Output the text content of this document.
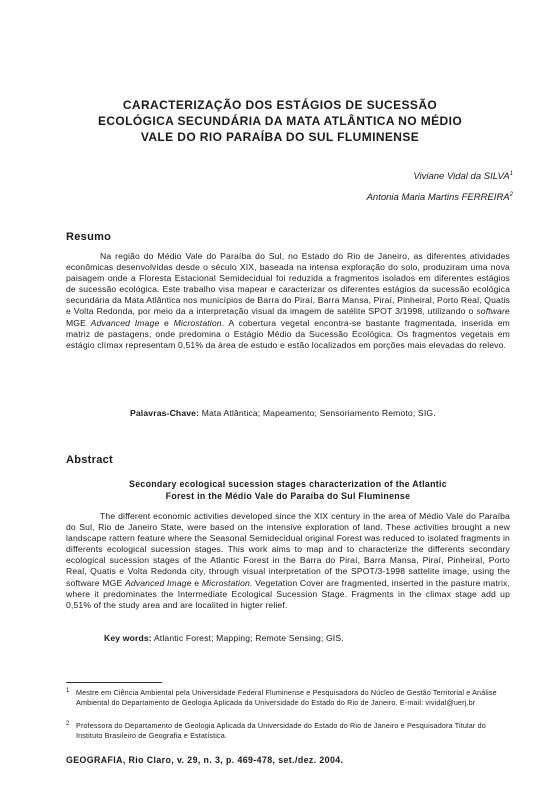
CARACTERIZAÇÃO DOS ESTÁGIOS DE SUCESSÃO
ECOLÓGICA SECUNDÁRIA DA MATA ATLÂNTICA NO MÉDIO
VALE DO RIO PARAÍBA DO SUL FLUMINENSE
Viviane Vidal da SILVA$^1$
Antonia Maria Martins FERREIRA$^2$
Resumo
Na região do Médio Vale do Paraíba do Sul, no Estado do Rio de Janeiro, as diferentes atividades econômicas desenvolvidas desde o século XIX, baseada na intensa exploração do solo, produziram uma nova paisagem onde a Floresta Estacional Semidecidual foi reduzida a fragmentos isolados em diferentes estágios de sucessão ecológica. Este trabalho visa mapear e caracterizar os diferentes estágios da sucessão ecológica secundária da Mata Atlântica nos municípios de Barra do Piraí, Barra Mansa, Piraí, Pinheiral, Porto Real, Quatis e Volta Redonda, por meio da a interpretação visual da imagem de satélite SPOT 3/1998, utilizando o software MGE Advanced Image e Microstation. A cobertura vegetal encontra-se bastante fragmentada, inserida em matriz de pastagens, onde predomina o Estágio Médio da Sucessão Ecológica. Os fragmentos vegetais em estágio clímax representam 0,51% da área de estudo e estão localizados em porções mais elevadas do relevo.
Palavras-Chave: Mata Atlântica; Mapeamento; Sensoriamento Remoto; SIG.
Abstract
Secondary ecological sucession stages characterization of the Atlantic
Forest in the Médio Vale do Paraíba do Sul Fluminense
The different economic activities developed since the XIX century in the area of Médio Vale do Paraíba do Sul, Rio de Janeiro State, were based on the intensive exploration of land. These activities brought a new landscape rattern feature where the Seasonal Semidecidual original Forest was reduced to isolated fragments in differents ecological sucession stages. This work aims to map and to characterize the differents secondary ecological sucession stages of the Atlantic Forest in the Barra do Piraí, Barra Mansa, Piraí, Pinheiral, Porto Real, Quatis e Volta Redonda city, through visual interpretation of the SPOT/3-1998 sattelite image, using the software MGE Advanced Image e Microstation. Vegetation Cover are fragmented, inserted in the pasture matrix, where it predominates the Intermediate Ecological Sucession Stage. Fragments in the climax stage add up 0,51% of the study area and are localited in higter relief.
Key words: Atlantic Forest; Mapping; Remote Sensing; GIS.
1 Mestre em Ciência Ambiental pela Universidade Federal Fluminense e Pesquisadora do Núcleo de Gestão Territorial e Análise Ambiental do Departamento de Geologia Aplicada da Universidade do Estado do Rio de Janeiro. E-mail: vividal@uerj.br
2 Professora do Departamento de Geologia Aplicada da Universidade do Estado do Rio de Janeiro e Pesquisadora Titular do Instituto Brasileiro de Geografia e Estatística.
GEOGRAFIA, Rio Claro, v. 29, n. 3, p. 469-478, set./dez. 2004.
